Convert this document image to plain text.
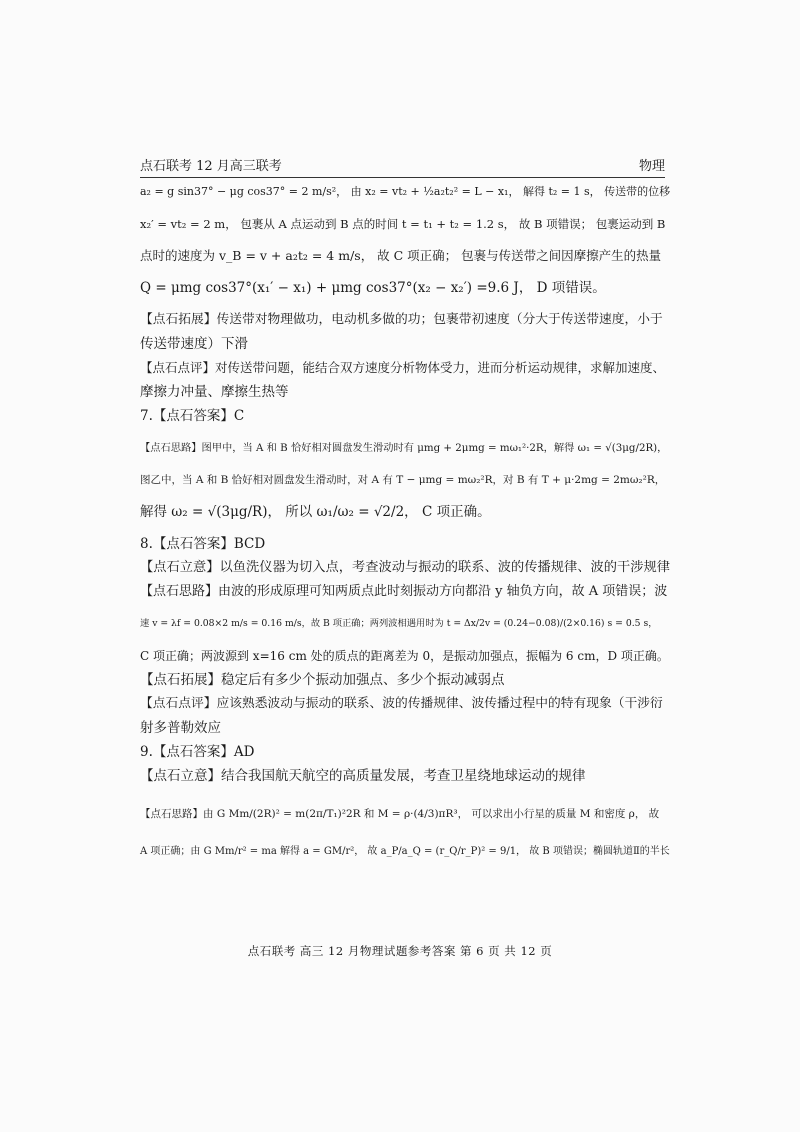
点石联考 12 月高三联考	物理
a₂ = g sin37° − μg cos37° = 2 m/s²， 由 x₂ = vt₂ + ½a₂t₂² = L − x₁， 解得 t₂ = 1 s， 传送带的位移
x₂′ = vt₂ = 2 m， 包裹从 A 点运动到 B 点的时间 t = t₁ + t₂ = 1.2 s， 故 B 项错误； 包裹运动到 B
点时的速度为 v_B = v + a₂t₂ = 4 m/s， 故 C 项正确； 包裹与传送带之间因摩擦产生的热量
Q = μmg cos37°(x₁′ − x₁) + μmg cos37°(x₂ − x₂′) =9.6 J， D 项错误。
【点石拓展】传送带对物理做功，电动机多做的功；包裹带初速度（分大于传送带速度，小于
传送带速度）下滑
【点石点评】对传送带问题，能结合双方速度分析物体受力，进而分析运动规律，求解加速度、
摩擦力冲量、摩擦生热等
7.【点石答案】C
【点石思路】图甲中，当 A 和 B 恰好相对圆盘发生滑动时有 μmg + 2μmg = mω₁²·2R，解得 ω₁ = √(3μg/2R)，
图乙中，当 A 和 B 恰好相对圆盘发生滑动时，对 A 有 T − μmg = mω₂²R，对 B 有 T + μ·2mg = 2mω₂²R，
解得 ω₂ = √(3μg/R)， 所以 ω₁/ω₂ = √2/2， C 项正确。
8.【点石答案】BCD
【点石立意】以鱼洗仪器为切入点，考查波动与振动的联系、波的传播规律、波的干涉规律
【点石思路】由波的形成原理可知两质点此时刻振动方向都沿 y 轴负方向，故 A 项错误；波
速 v = λf = 0.08×2 m/s = 0.16 m/s，故 B 项正确；两列波相遇用时为 t = Δx/2v = (0.24−0.08)/(2×0.16) s = 0.5 s，
C 项正确；两波源到 x=16 cm 处的质点的距离差为 0，是振动加强点，振幅为 6 cm，D 项正确。
【点石拓展】稳定后有多少个振动加强点、多少个振动减弱点
【点石点评】应该熟悉波动与振动的联系、波的传播规律、波传播过程中的特有现象（干涉衍
射多普勒效应
9.【点石答案】AD
【点石立意】结合我国航天航空的高质量发展，考查卫星绕地球运动的规律
【点石思路】由 G Mm/(2R)² = m(2π/T₁)²2R 和 M = ρ·(4/3)πR³， 可以求出小行星的质量 M 和密度 ρ， 故
A 项正确；由 G Mm/r² = ma 解得 a = GM/r²， 故 a_P/a_Q = (r_Q/r_P)² = 9/1， 故 B 项错误；椭圆轨道Ⅱ的半长
点石联考 高三 12 月物理试题参考答案 第 6 页 共 12 页
